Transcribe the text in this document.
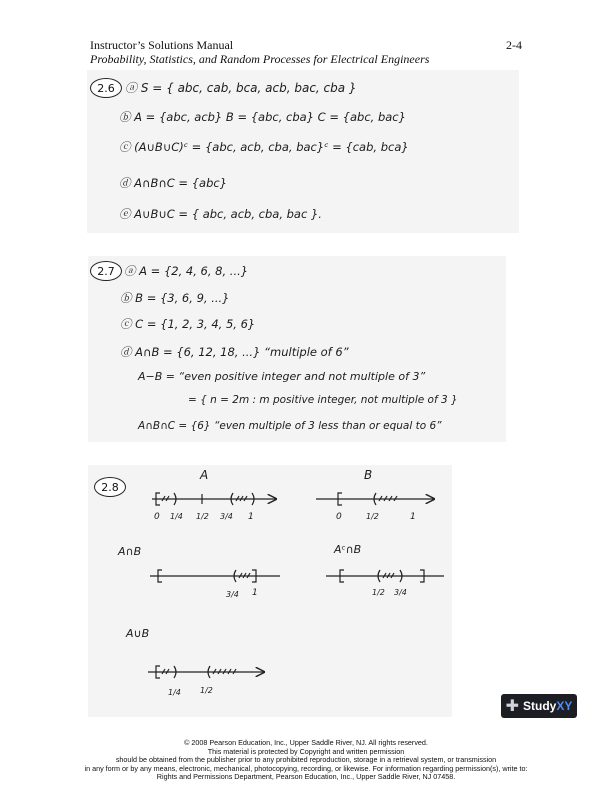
Instructor’s Solutions Manual
Probability, Statistics, and Random Processes for Electrical Engineers
2-4
2.6 ⓐ S = { abc, cab, bca, acb, bac, cba }
ⓑ A = {abc, acb} B = {abc, cba} C = {abc, bac}
ⓒ (A∪B∪C)ᶜ = {abc, acb, cba, bac}ᶜ = {cab, bca}
ⓓ A∩B∩C = {abc}
ⓔ A∪B∪C = { abc, acb, cba, bac }.
2.7 ⓐ A = {2, 4, 6, 8, ...}
ⓑ B = {3, 6, 9, ...}
ⓒ C = {1, 2, 3, 4, 5, 6}
ⓓ A∩B = {6, 12, 18, ...} “multiple of 6”
A−B = “even positive integer and not multiple of 3”
= { n = 2m : m positive integer, not multiple of 3 }
A∩B∩C = {6} “even multiple of 3 less than or equal to 6”
2.8
A	B
A∩B	Aᶜ∩B
A∪B
0 1/4 1/2 3/4 1	0	1/2	1
3/4 1	1/2 3/4
1/4 1/2
✚ StudyXY
© 2008 Pearson Education, Inc., Upper Saddle River, NJ. All rights reserved.
This material is protected by Copyright and written permission
should be obtained from the publisher prior to any prohibited reproduction, storage in a retrieval system, or transmission
in any form or by any means, electronic, mechanical, photocopying, recording, or likewise. For information regarding permission(s), write to:
Rights and Permissions Department, Pearson Education, Inc., Upper Saddle River, NJ 07458.
